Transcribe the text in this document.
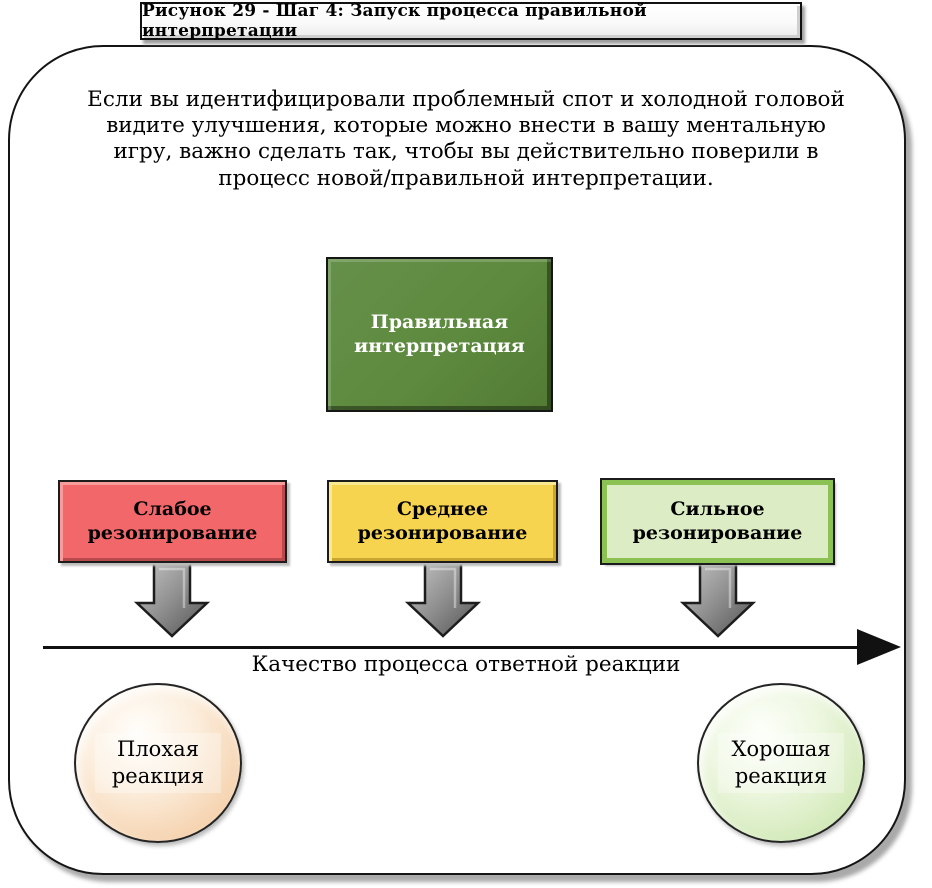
Рисунок 29 - Шаг 4: Запуск процесса правильной интерпретации
Если вы идентифицировали проблемный спот и холодной головой
видите улучшения, которые можно внести в вашу ментальную
игру, важно сделать так, чтобы вы действительно поверили в
процесс новой/правильной интерпретации.
Правильная интерпретация
Слабое резонирование
Среднее резонирование
Сильное резонирование
Качество процесса ответной реакции
Плохая реакция
Хорошая реакция
